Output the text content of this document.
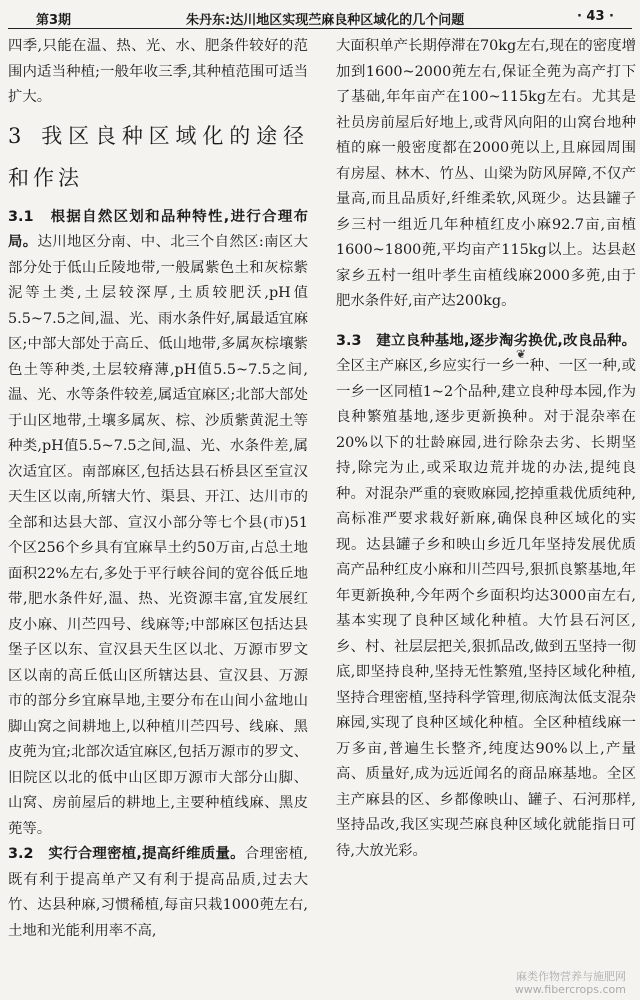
第3期	朱丹东:达川地区实现苎麻良种区域化的几个问题	· 43 ·

四季,只能在温、热、光、水、肥条件较好的范围内适当种植;一般年收三季,其种植范围可适当扩大。

3 我区良种区域化的途径和作法

3.1　根据自然区划和品种特性,进行合理布局。达川地区分南、中、北三个自然区:南区大部分处于低山丘陵地带,一般属紫色土和灰棕紫泥等土类,土层较深厚,土质较肥沃,pH值5.5~7.5之间,温、光、雨水条件好,属最适宜麻区;中部大部处于高丘、低山地带,多属灰棕壤紫色土等种类,土层较瘠薄,pH值5.5~7.5之间,温、光、水等条件较差,属适宜麻区;北部大部处于山区地带,土壤多属灰、棕、沙质紫黄泥土等种类,pH值5.5~7.5之间,温、光、水条件差,属次适宜区。南部麻区,包括达县石桥县区至宣汉天生区以南,所辖大竹、渠县、开江、达川市的全部和达县大部、宣汉小部分等七个县(市)51个区256个乡具有宜麻旱土约50万亩,占总土地面积22%左右,多处于平行峡谷间的宽谷低丘地带,肥水条件好,温、热、光资源丰富,宜发展红皮小麻、川苎四号、线麻等;中部麻区包括达县堡子区以东、宣汉县天生区以北、万源市罗文区以南的高丘低山区所辖达县、宣汉县、万源市的部分乡宜麻旱地,主要分布在山间小盆地山脚山窝之间耕地上,以种植川苎四号、线麻、黑皮蔸为宜;北部次适宜麻区,包括万源市的罗文、旧院区以北的低中山区即万源市大部分山脚、山窝、房前屋后的耕地上,主要种植线麻、黑皮蔸等。

3.2　实行合理密植,提高纤维质量。合理密植,既有利于提高单产又有利于提高品质,过去大竹、达县种麻,习惯稀植,每亩只栽1000蔸左右,土地和光能利用率不高,

大面积单产长期停滞在70kg左右,现在的密度增加到1600~2000蔸左右,保证全蔸为高产打下了基础,年年亩产在100~115kg左右。尤其是社员房前屋后好地上,或背风向阳的山窝台地种植的麻一般密度都在2000蔸以上,且麻园周围有房屋、林木、竹丛、山梁为防风屏障,不仅产量高,而且品质好,纤维柔软,风斑少。达县罐子乡三村一组近几年种植红皮小麻92.7亩,亩植1600~1800蔸,平均亩产115kg以上。达县赵家乡五村一组叶孝生亩植线麻2000多蔸,由于肥水条件好,亩产达200kg。

3.3　建立良种基地,逐步淘劣换优,改良品种。全区主产麻区,乡应实行一乡一种、一区一种,或一乡一区同植1~2个品种,建立良种母本园,作为良种繁殖基地,逐步更新换种。对于混杂率在20%以下的壮龄麻园,进行除杂去劣、长期坚持,除完为止,或采取边荒并垅的办法,提纯良种。对混杂严重的衰败麻园,挖掉重栽优质纯种,高标准严要求栽好新麻,确保良种区域化的实现。达县罐子乡和映山乡近几年坚持发展优质高产品种红皮小麻和川苎四号,狠抓良繁基地,年年更新换种,今年两个乡面积均达3000亩左右,基本实现了良种区域化种植。大竹县石河区,乡、村、社层层把关,狠抓品改,做到五坚持一彻底,即坚持良种,坚持无性繁殖,坚持区域化种植,坚持合理密植,坚持科学管理,彻底淘汰低支混杂麻园,实现了良种区域化种植。全区种植线麻一万多亩,普遍生长整齐,纯度达90%以上,产量高、质量好,成为远近闻名的商品麻基地。全区主产麻县的区、乡都像映山、罐子、石河那样,坚持品改,我区实现苎麻良种区域化就能指日可待,大放光彩。

❦
麻类作物营养与施肥网
www.fibercrops.com
